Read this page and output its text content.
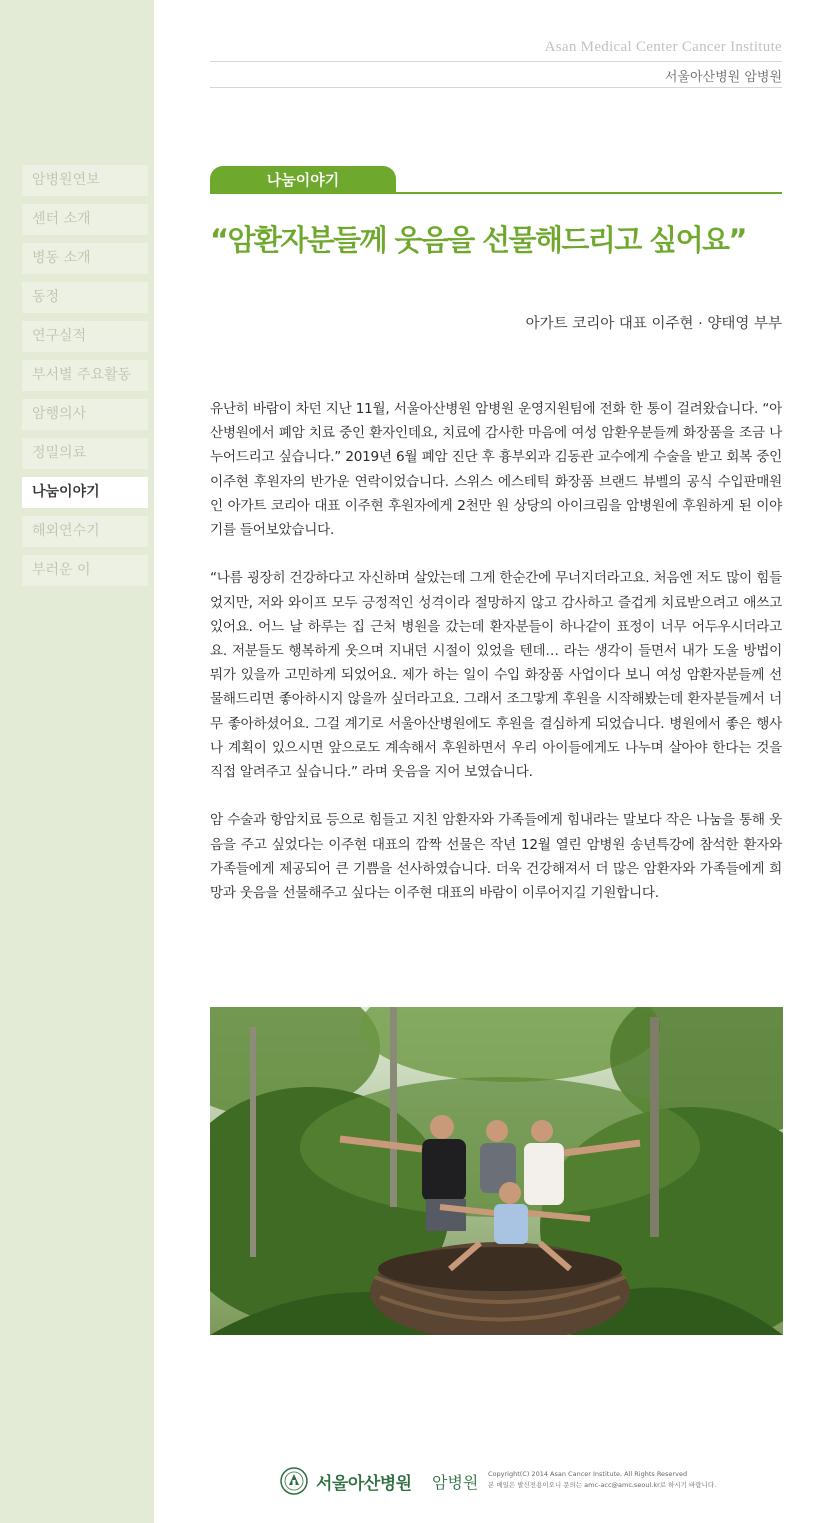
암병원연보
센터 소개
병동 소개
동정
연구실적
부서별 주요활동
암행의사
정밀의료
나눔이야기
해외연수기
부러운 이
Asan Medical Center Cancer Institute
서울아산병원 암병원
나눔이야기
“암환자분들께 웃음을 선물해드리고 싶어요”
아가트 코리아 대표 이주현 · 양태영 부부

유난히 바람이 차던 지난 11월, 서울아산병원 암병원 운영지원팀에 전화 한 통이 걸려왔습니다. “아산병원에서 폐암 치료 중인 환자인데요, 치료에 감사한 마음에 여성 암환우분들께 화장품을 조금 나누어드리고 싶습니다.” 2019년 6월 폐암 진단 후 흉부외과 김동관 교수에게 수술을 받고 회복 중인 이주현 후원자의 반가운 연락이었습니다. 스위스 에스테틱 화장품 브랜드 뷰벨의 공식 수입판매원인 아가트 코리아 대표 이주현 후원자에게 2천만 원 상당의 아이크림을 암병원에 후원하게 된 이야기를 들어보았습니다.

“나름 굉장히 건강하다고 자신하며 살았는데 그게 한순간에 무너지더라고요. 처음엔 저도 많이 힘들었지만, 저와 와이프 모두 긍정적인 성격이라 절망하지 않고 감사하고 즐겁게 치료받으려고 애쓰고 있어요. 어느 날 하루는 집 근처 병원을 갔는데 환자분들이 하나같이 표정이 너무 어두우시더라고요. 저분들도 행복하게 웃으며 지내던 시절이 있었을 텐데… 라는 생각이 들면서 내가 도울 방법이 뭐가 있을까 고민하게 되었어요. 제가 하는 일이 수입 화장품 사업이다 보니 여성 암환자분들께 선물해드리면 좋아하시지 않을까 싶더라고요. 그래서 조그맣게 후원을 시작해봤는데 환자분들께서 너무 좋아하셨어요. 그걸 계기로 서울아산병원에도 후원을 결심하게 되었습니다. 병원에서 좋은 행사나 계획이 있으시면 앞으로도 계속해서 후원하면서 우리 아이들에게도 나누며 살아야 한다는 것을 직접 알려주고 싶습니다.” 라며 웃음을 지어 보였습니다.

암 수술과 항암치료 등으로 힘들고 지친 암환자와 가족들에게 힘내라는 말보다 작은 나눔을 통해 웃음을 주고 싶었다는 이주현 대표의 깜짝 선물은 작년 12월 열린 암병원 송년특강에 참석한 환자와 가족들에게 제공되어 큰 기쁨을 선사하였습니다. 더욱 건강해져서 더 많은 암환자와 가족들에게 희망과 웃음을 선물해주고 싶다는 이주현 대표의 바람이 이루어지길 기원합니다.

서울아산병원 암병원 Copyright(C) 2014 Asan Cancer Institute, All Rights Reserved
본 메일은 발신전용이오니 문의는 amc-acc@amc.seoul.kr로 하시기 바랍니다.
